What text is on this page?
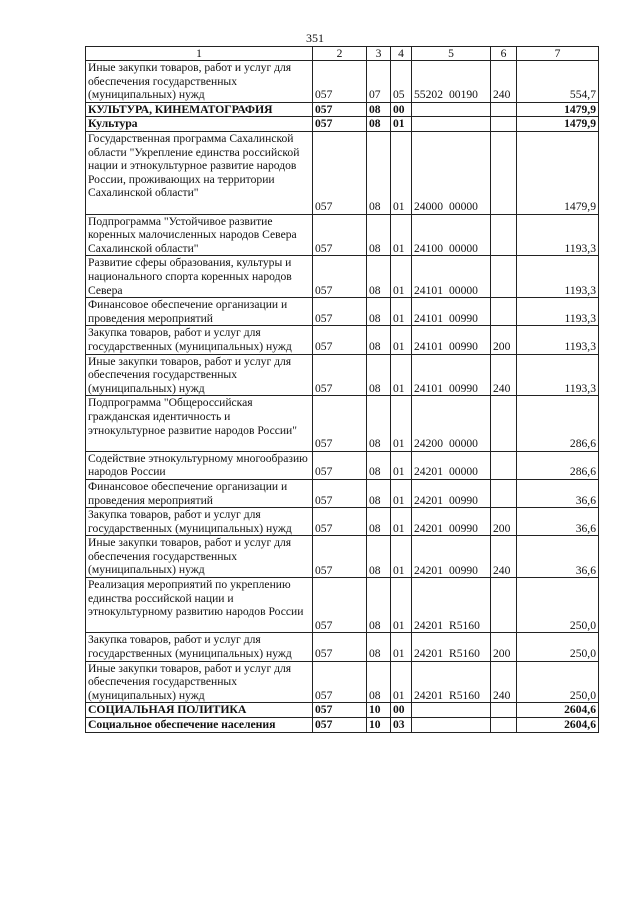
351
1	2	3	4	5	6	7
Иные закупки товаров, работ и услуг для обеспечения государственных (муниципальных) нужд	057	07	05	55202 00190	240	554,7
КУЛЬТУРА, КИНЕМАТОГРАФИЯ	057	08	00			1479,9
Культура	057	08	01			1479,9
Государственная программа Сахалинской области "Укрепление единства российской нации и этнокультурное развитие народов России, проживающих на территории Сахалинской области"	057	08	01	24000 00000		1479,9
Подпрограмма "Устойчивое развитие коренных малочисленных народов Севера Сахалинской области"	057	08	01	24100 00000		1193,3
Развитие сферы образования, культуры и национального спорта коренных народов Севера	057	08	01	24101 00000		1193,3
Финансовое обеспечение организации и проведения мероприятий	057	08	01	24101 00990		1193,3
Закупка товаров, работ и услуг для государственных (муниципальных) нужд	057	08	01	24101 00990	200	1193,3
Иные закупки товаров, работ и услуг для обеспечения государственных (муниципальных) нужд	057	08	01	24101 00990	240	1193,3
Подпрограмма "Общероссийская гражданская идентичность и этнокультурное развитие народов России"	057	08	01	24200 00000		286,6
Содействие этнокультурному многообразию народов России	057	08	01	24201 00000		286,6
Финансовое обеспечение организации и проведения мероприятий	057	08	01	24201 00990		36,6
Закупка товаров, работ и услуг для государственных (муниципальных) нужд	057	08	01	24201 00990	200	36,6
Иные закупки товаров, работ и услуг для обеспечения государственных (муниципальных) нужд	057	08	01	24201 00990	240	36,6
Реализация мероприятий по укреплению единства российской нации и этнокультурному развитию народов России	057	08	01	24201 R5160		250,0
Закупка товаров, работ и услуг для государственных (муниципальных) нужд	057	08	01	24201 R5160	200	250,0
Иные закупки товаров, работ и услуг для обеспечения государственных (муниципальных) нужд	057	08	01	24201 R5160	240	250,0
СОЦИАЛЬНАЯ ПОЛИТИКА	057	10	00			2604,6
Социальное обеспечение населения	057	10	03			2604,6
